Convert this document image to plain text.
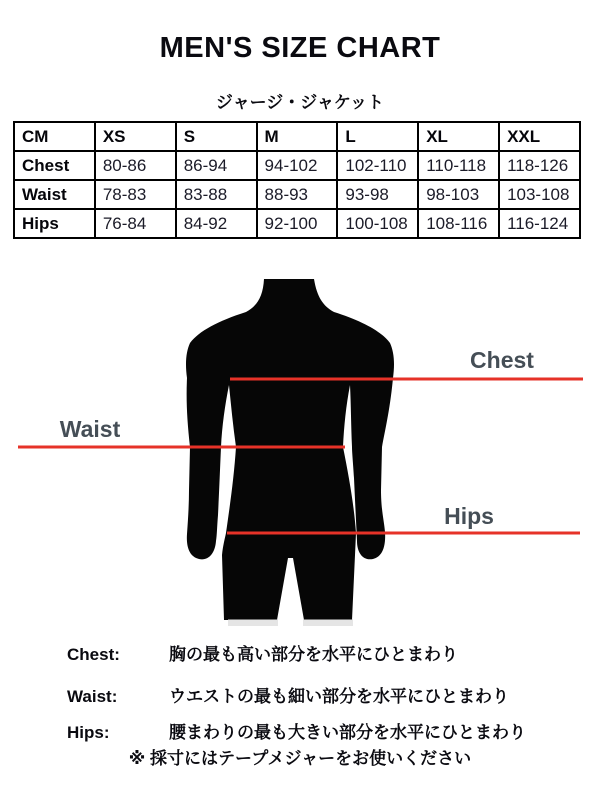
MEN'S SIZE CHART
ジャージ・ジャケット
CM	XS	S	M	L	XL	XXL
Chest	80-86	86-94	94-102	102-110	110-118	118-126
Waist	78-83	83-88	88-93	93-98	98-103	103-108
Hips	76-84	84-92	92-100	100-108	108-116	116-124
Chest
Waist
Hips
Chest:	胸の最も高い部分を水平にひとまわり
Waist:	ウエストの最も細い部分を水平にひとまわり
Hips:	腰まわりの最も大きい部分を水平にひとまわり
※ 採寸にはテープメジャーをお使いください
